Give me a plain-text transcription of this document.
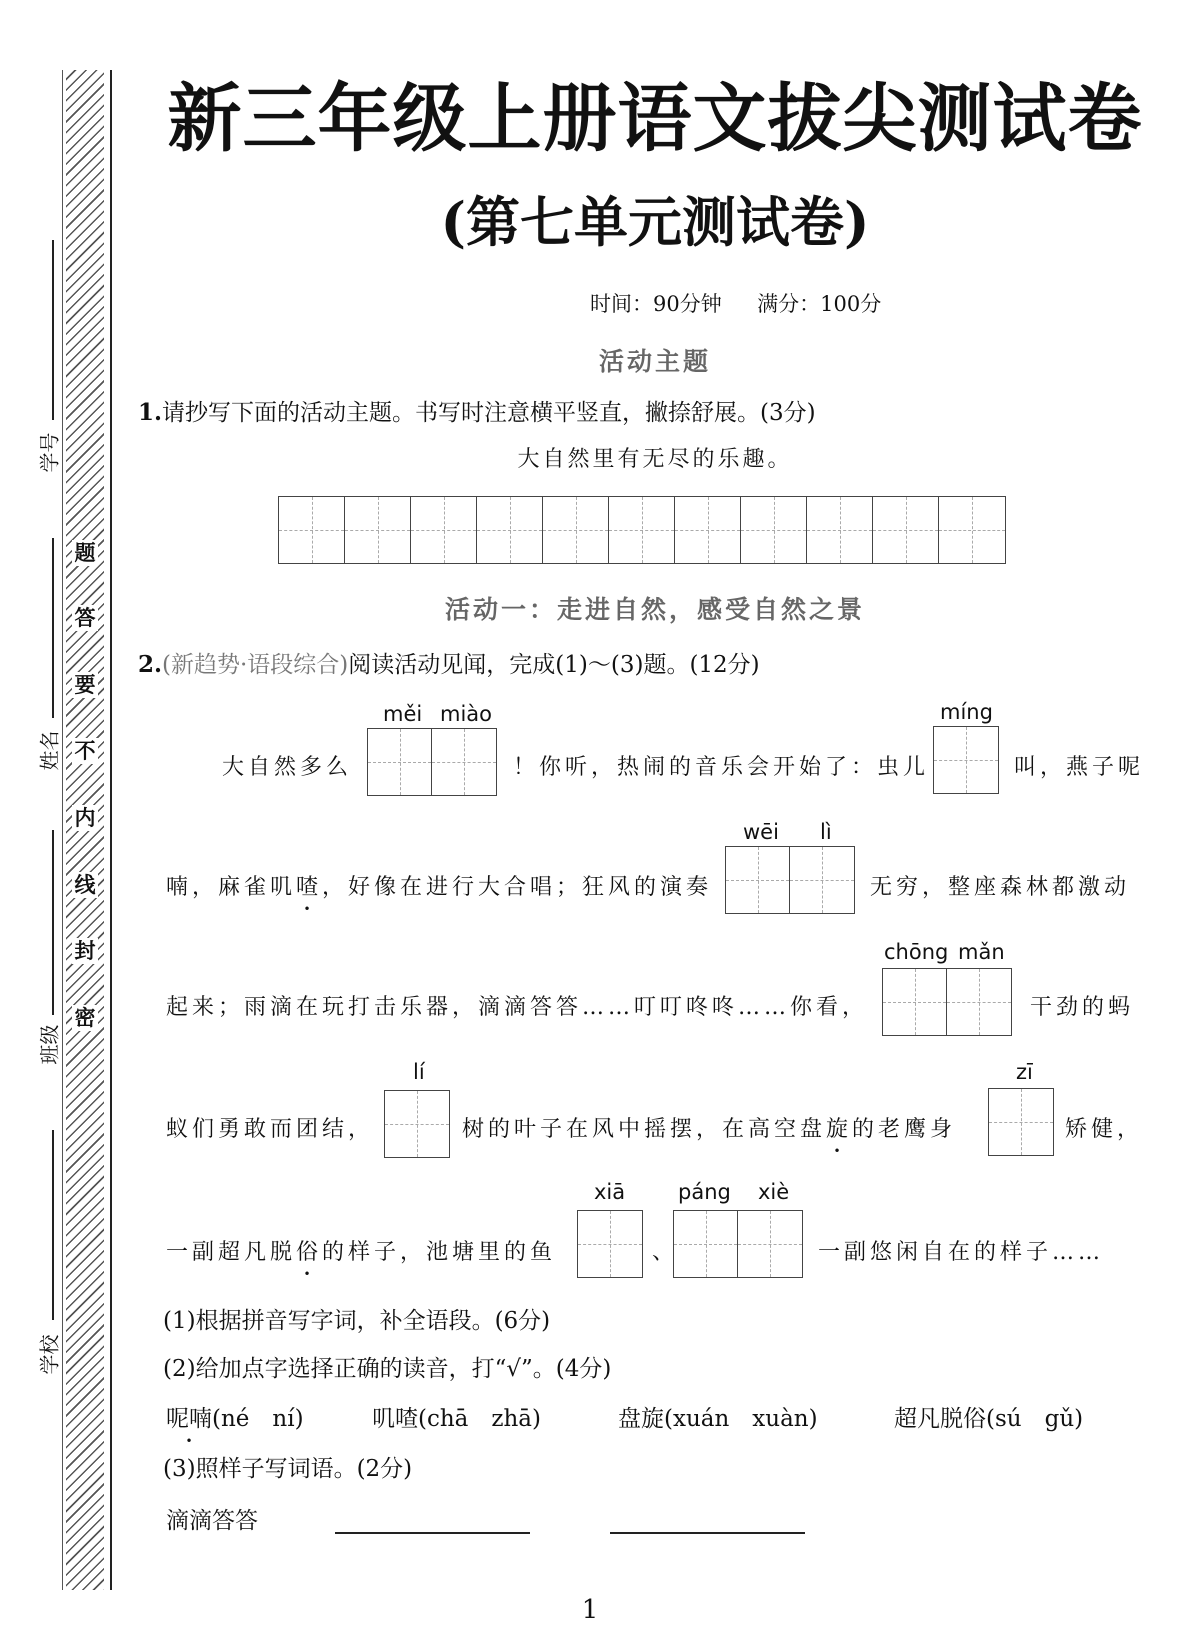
题
答
要
不
内
线
封
密
学号
姓名
班级
学校
新三年级上册语文拔尖测试卷
(第七单元测试卷)
时间：90分钟 满分：100分
活动主题
1.请抄写下面的活动主题。书写时注意横平竖直，撇捺舒展。(3分)
大自然里有无尽的乐趣。
活动一：走进自然，感受自然之景
2.(新趋势·语段综合)阅读活动见闻，完成(1)～(3)题。(12分)
měi miào	míng
大自然多么	！你听，热闹的音乐会开始了：虫儿	叫，燕子呢
wēi lì
喃，麻雀叽喳，好像在进行大合唱；狂风的演奏	无穷，整座森林都激动
chōng mǎn
起来；雨滴在玩打击乐器，滴滴答答……叮叮咚咚……你看，	干劲的蚂
lí	zī
蚁们勇敢而团结，	树的叶子在风中摇摆，在高空盘旋的老鹰身	矫健，
xiā	páng xiè
一副超凡脱俗的样子，池塘里的鱼	、	一副悠闲自在的样子……
(1)根据拼音写字词，补全语段。(6分)
(2)给加点字选择正确的读音，打“√”。(4分)
呢喃(né　ní)	叽喳(chā　zhā)	盘旋(xuán　xuàn)	超凡脱俗(sú　gǔ)
(3)照样子写词语。(2分)
滴滴答答
1
